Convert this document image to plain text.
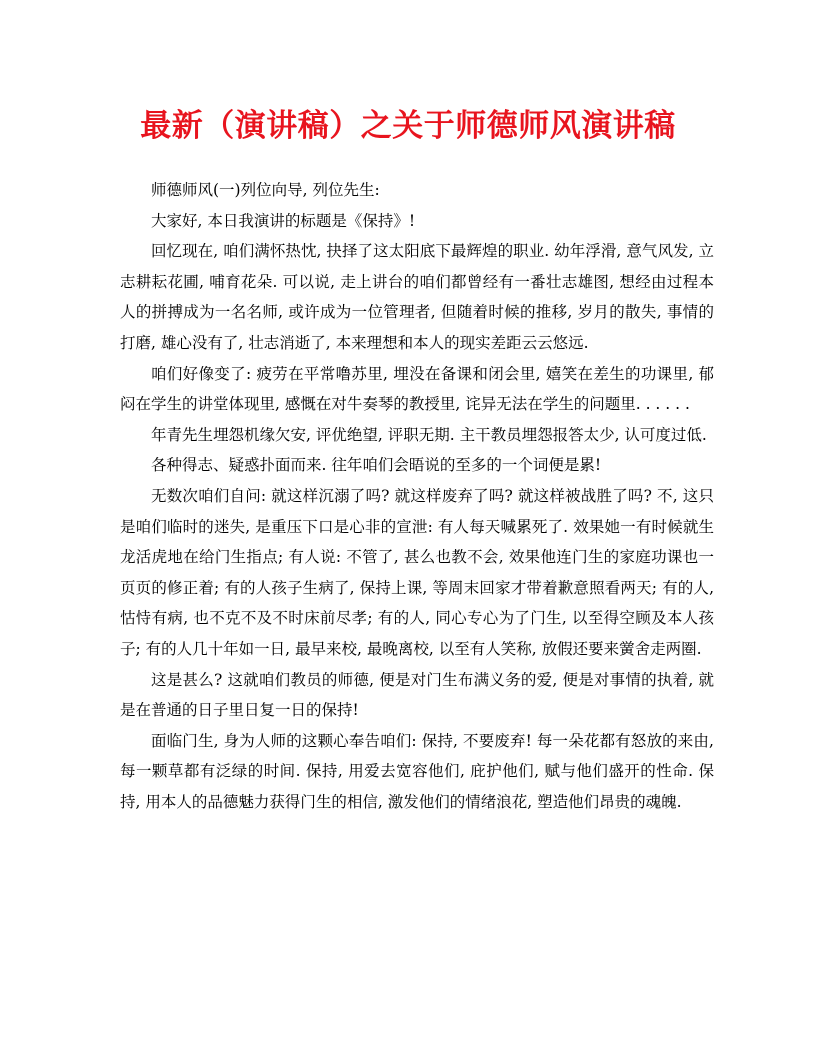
最新（演讲稿）之关于师德师风演讲稿

师德师风(一)列位向导, 列位先生:

大家好, 本日我演讲的标题是《保持》!

回忆现在, 咱们满怀热忱, 抉择了这太阳底下最辉煌的职业. 幼年浮滑, 意气风发, 立志耕耘花圃, 哺育花朵. 可以说, 走上讲台的咱们都曾经有一番壮志雄图, 想经由过程本人的拼搏成为一名名师, 或许成为一位管理者, 但随着时候的推移, 岁月的散失, 事情的打磨, 雄心没有了, 壮志消逝了, 本来理想和本人的现实差距云云悠远.

咱们好像变了: 疲劳在平常噜苏里, 埋没在备课和闭会里, 嬉笑在差生的功课里, 郁闷在学生的讲堂体现里, 感慨在对牛奏琴的教授里, 诧异无法在学生的问题里. . . . . .

年青先生埋怨机缘欠安, 评优绝望, 评职无期. 主干教员埋怨报答太少, 认可度过低.

各种得志、疑惑扑面而来. 往年咱们会晤说的至多的一个词便是累!

无数次咱们自问: 就这样沉溺了吗? 就这样废弃了吗? 就这样被战胜了吗? 不, 这只是咱们临时的迷失, 是重压下口是心非的宣泄: 有人每天喊累死了. 效果她一有时候就生龙活虎地在给门生指点; 有人说: 不管了, 甚么也教不会, 效果他连门生的家庭功课也一页页的修正着; 有的人孩子生病了, 保持上课, 等周末回家才带着歉意照看两天; 有的人, 怙恃有病, 也不克不及不时床前尽孝; 有的人, 同心专心为了门生, 以至得空顾及本人孩子; 有的人几十年如一日, 最早来校, 最晚离校, 以至有人笑称, 放假还要来黉舍走两圈.

这是甚么? 这就咱们教员的师德, 便是对门生布满义务的爱, 便是对事情的执着, 就是在普通的日子里日复一日的保持!

面临门生, 身为人师的这颗心奉告咱们: 保持, 不要废弃! 每一朵花都有怒放的来由, 每一颗草都有泛绿的时间. 保持, 用爱去宽容他们, 庇护他们, 赋与他们盛开的性命. 保持, 用本人的品德魅力获得门生的相信, 激发他们的情绪浪花, 塑造他们昂贵的魂魄.
